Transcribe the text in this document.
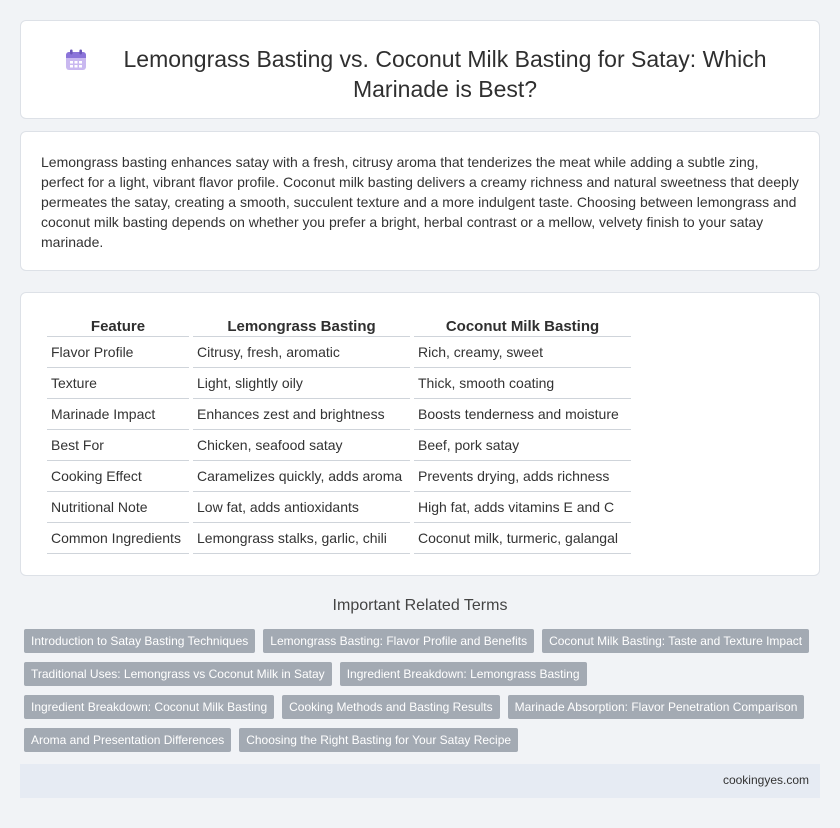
Lemongrass Basting vs. Coconut Milk Basting for Satay: Which Marinade is Best?

Lemongrass basting enhances satay with a fresh, citrusy aroma that tenderizes the meat while adding a subtle zing, perfect for a light, vibrant flavor profile. Coconut milk basting delivers a creamy richness and natural sweetness that deeply permeates the satay, creating a smooth, succulent texture and a more indulgent taste. Choosing between lemongrass and coconut milk basting depends on whether you prefer a bright, herbal contrast or a mellow, velvety finish to your satay marinade.

Feature	Lemongrass Basting	Coconut Milk Basting
Flavor Profile	Citrusy, fresh, aromatic	Rich, creamy, sweet
Texture	Light, slightly oily	Thick, smooth coating
Marinade Impact	Enhances zest and brightness	Boosts tenderness and moisture
Best For	Chicken, seafood satay	Beef, pork satay
Cooking Effect	Caramelizes quickly, adds aroma	Prevents drying, adds richness
Nutritional Note	Low fat, adds antioxidants	High fat, adds vitamins E and C
Common Ingredients	Lemongrass stalks, garlic, chili	Coconut milk, turmeric, galangal
Important Related Terms
Introduction to Satay Basting Techniques	Lemongrass Basting: Flavor Profile and Benefits	Coconut Milk Basting: Taste and Texture Impact
Traditional Uses: Lemongrass vs Coconut Milk in Satay	Ingredient Breakdown: Lemongrass Basting
Ingredient Breakdown: Coconut Milk Basting	Cooking Methods and Basting Results	Marinade Absorption: Flavor Penetration Comparison
Aroma and Presentation Differences	Choosing the Right Basting for Your Satay Recipe
cookingyes.com
